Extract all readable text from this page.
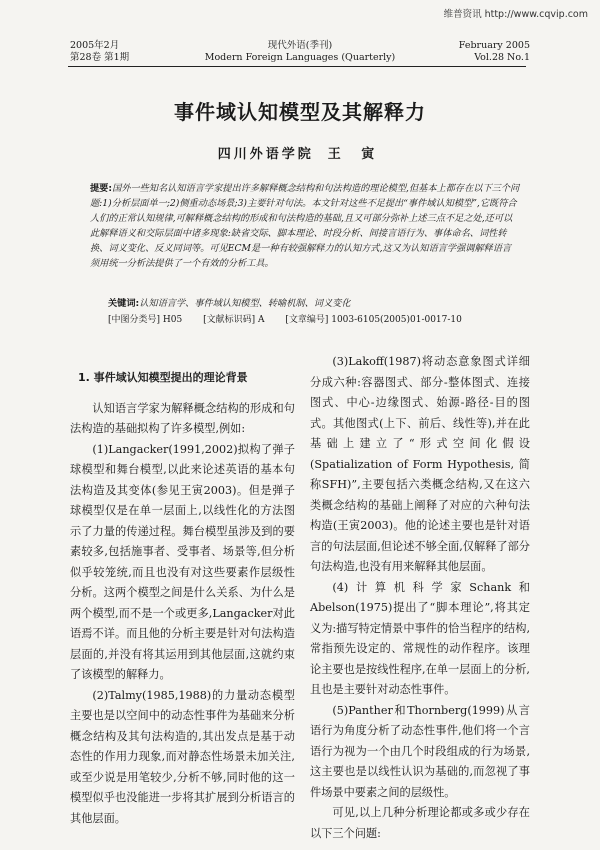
维普资讯 http://www.cqvip.com
2005年2月
第28卷 第1期
现代外语(季刊)
Modern Foreign Languages (Quarterly)
February 2005
Vol.28 No.1
事件域认知模型及其解释力
四川外语学院 王 寅
提要:国外一些知名认知语言学家提出许多解释概念结构和句法构造的理论模型,但基本上都存在以下三个问题:1)分析层面单一;2)侧重动态场景;3)主要针对句法。本文针对这些不足提出“事件域认知模型”,它既符合人们的正常认知规律,可解释概念结构的形成和句法构造的基础,且又可部分弥补上述三点不足之处,还可以此解释语义和交际层面中诸多现象:缺省交际、脚本理论、时段分析、间接言语行为、事体命名、词性转换、词义变化、反义同词等。可见ECM是一种有较强解释力的认知方式,这又为认知语言学强调解释语言须用统一分析法提供了一个有效的分析工具。
关键词:认知语言学、事件域认知模型、转喻机制、词义变化
[中图分类号] H05 [文献标识码] A [文章编号] 1003-6105(2005)01-0017-10
1. 事件域认知模型提出的理论背景

认知语言学家为解释概念结构的形成和句法构造的基础拟构了许多模型,例如:

(1)Langacker(1991,2002)拟构了弹子球模型和舞台模型,以此来论述英语的基本句法构造及其变体(参见王寅2003)。但是弹子球模型仅是在单一层面上,以线性化的方法图示了力量的传递过程。舞台模型虽涉及到的要素较多,包括施事者、受事者、场景等,但分析似乎较笼统,而且也没有对这些要素作层级性分析。这两个模型之间是什么关系、为什么是两个模型,而不是一个或更多,Langacker对此语焉不详。而且他的分析主要是针对句法构造层面的,并没有将其运用到其他层面,这就约束了该模型的解释力。

(2)Talmy(1985,1988)的力量动态模型主要也是以空间中的动态性事件为基础来分析概念结构及其句法构造的,其出发点是基于动态性的作用力现象,而对静态性场景未加关注,或至少说是用笔较少,分析不够,同时他的这一模型似乎也没能进一步将其扩展到分析语言的其他层面。

(3)Lakoff(1987)将动态意象图式详细分成六种:容器图式、部分-整体图式、连接图式、中心-边缘图式、始源-路径-目的图式。其他图式(上下、前后、线性等),并在此基础上建立了“形式空间化假设(Spatialization of Form Hypothesis, 简称SFH)”,主要包括六类概念结构,又在这六类概念结构的基础上阐释了对应的六种句法构造(王寅2003)。他的论述主要也是针对语言的句法层面,但论述不够全面,仅解释了部分句法构造,也没有用来解释其他层面。

(4)计算机科学家Schank和Abelson(1975)提出了“脚本理论”,将其定义为:描写特定情景中事件的恰当程序的结构,常指预先设定的、常规性的动作程序。该理论主要也是按线性程序,在单一层面上的分析,且也是主要针对动态性事件。

(5)Panther和Thornberg(1999)从言语行为角度分析了动态性事件,他们将一个言语行为视为一个由几个时段组成的行为场景,这主要也是以线性认识为基础的,而忽视了事件场景中要素之间的层级性。

可见,以上几种分析理论都或多或少存在以下三个问题:
